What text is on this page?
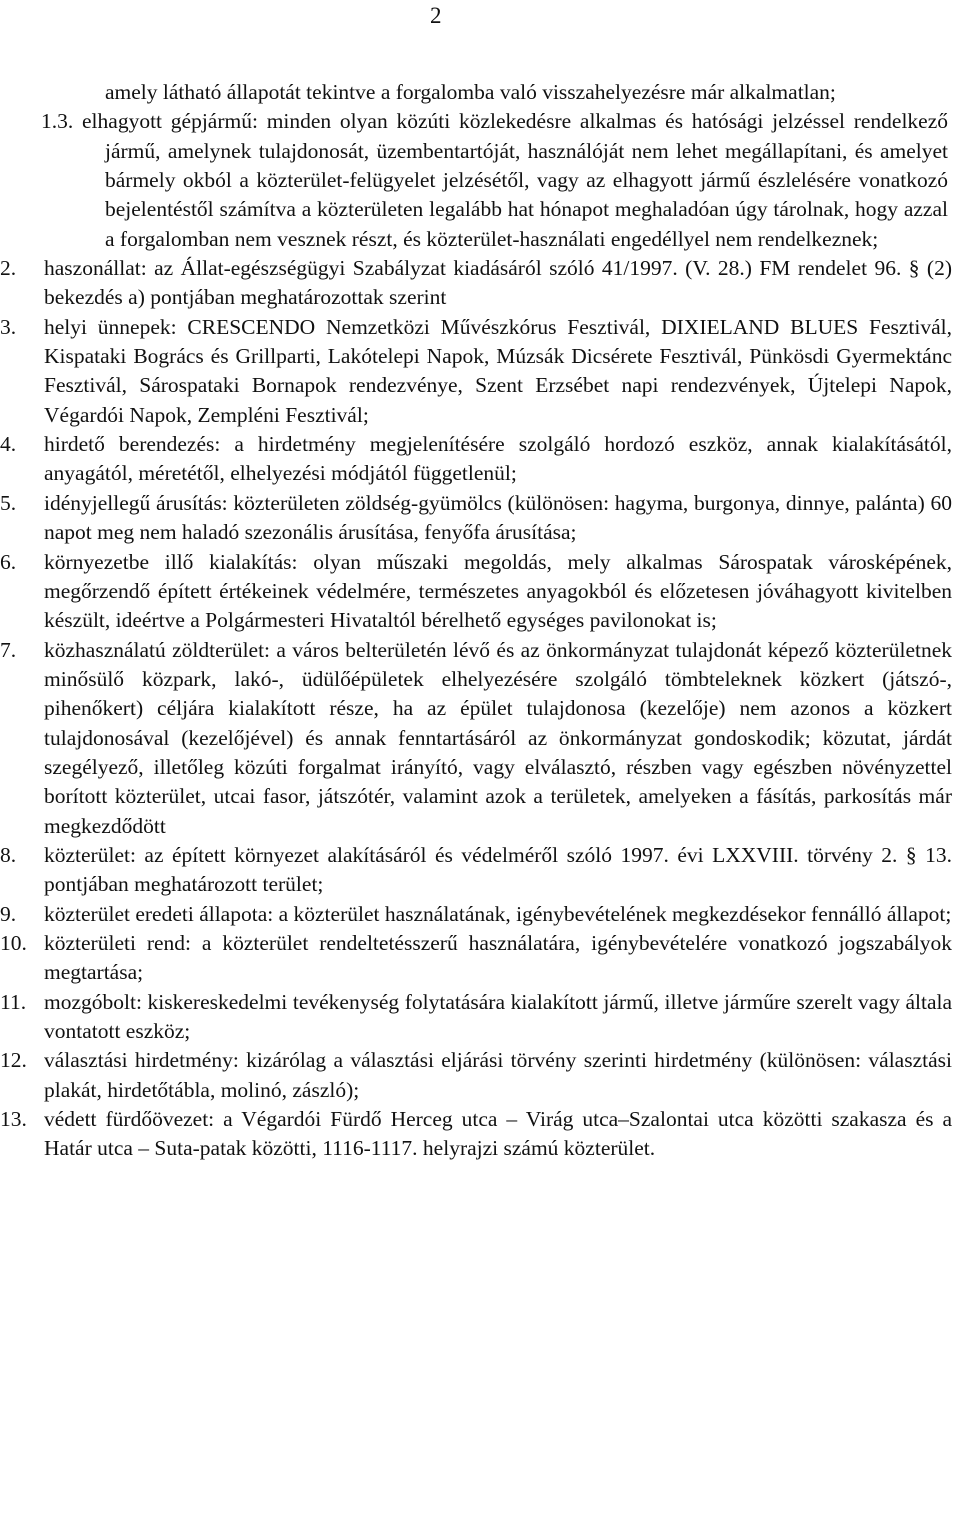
2
amely látható állapotát tekintve a forgalomba való visszahelyezésre már alkalmatlan;
1.3. elhagyott gépjármű: minden olyan közúti közlekedésre alkalmas és hatósági jelzéssel rendelkező jármű, amelynek tulajdonosát, üzembentartóját, használóját nem lehet megállapítani, és amelyet bármely okból a közterület-felügyelet jelzésétől, vagy az elhagyott jármű észlelésére vonatkozó bejelentéstől számítva a közterületen legalább hat hónapot meghaladóan úgy tárolnak, hogy azzal a forgalomban nem vesznek részt, és közterület-használati engedéllyel nem rendelkeznek;
2. haszonállat: az Állat-egészségügyi Szabályzat kiadásáról szóló 41/1997. (V. 28.) FM rendelet 96. § (2) bekezdés a) pontjában meghatározottak szerint
3. helyi ünnepek: CRESCENDO Nemzetközi Művészkórus Fesztivál, DIXIELAND BLUES Fesztivál, Kispataki Bogrács és Grillparti, Lakótelepi Napok, Múzsák Dicsérete Fesztivál, Pünkösdi Gyermektánc Fesztivál, Sárospataki Bornapok rendezvénye, Szent Erzsébet napi rendezvények, Újtelepi Napok, Végardói Napok, Zempléni Fesztivál;
4. hirdető berendezés: a hirdetmény megjelenítésére szolgáló hordozó eszköz, annak kialakításától, anyagától, méretétől, elhelyezési módjától függetlenül;
5. idényjellegű árusítás: közterületen zöldség-gyümölcs (különösen: hagyma, burgonya, dinnye, palánta) 60 napot meg nem haladó szezonális árusítása, fenyőfa árusítása;
6. környezetbe illő kialakítás: olyan műszaki megoldás, mely alkalmas Sárospatak városképének, megőrzendő épített értékeinek védelmére, természetes anyagokból és előzetesen jóváhagyott kivitelben készült, ideértve a Polgármesteri Hivataltól bérelhető egységes pavilonokat is;
7. közhasználatú zöldterület: a város belterületén lévő és az önkormányzat tulajdonát képező közterületnek minősülő közpark, lakó-, üdülőépületek elhelyezésére szolgáló tömbteleknek közkert (játszó-, pihenőkert) céljára kialakított része, ha az épület tulajdonosa (kezelője) nem azonos a közkert tulajdonosával (kezelőjével) és annak fenntartásáról az önkormányzat gondoskodik; közutat, járdát szegélyező, illetőleg közúti forgalmat irányító, vagy elválasztó, részben vagy egészben növényzettel borított közterület, utcai fasor, játszótér, valamint azok a területek, amelyeken a fásítás, parkosítás már megkezdődött
8. közterület: az épített környezet alakításáról és védelméről szóló 1997. évi LXXVIII. törvény 2. § 13. pontjában meghatározott terület;
9. közterület eredeti állapota: a közterület használatának, igénybevételének megkezdésekor fennálló állapot;
10. közterületi rend: a közterület rendeltetésszerű használatára, igénybevételére vonatkozó jogszabályok megtartása;
11. mozgóbolt: kiskereskedelmi tevékenység folytatására kialakított jármű, illetve járműre szerelt vagy általa vontatott eszköz;
12. választási hirdetmény: kizárólag a választási eljárási törvény szerinti hirdetmény (különösen: választási plakát, hirdetőtábla, molinó, zászló);
13. védett fürdőövezet: a Végardói Fürdő Herceg utca – Virág utca–Szalontai utca közötti szakasza és a Határ utca – Suta-patak közötti, 1116-1117. helyrajzi számú közterület.
